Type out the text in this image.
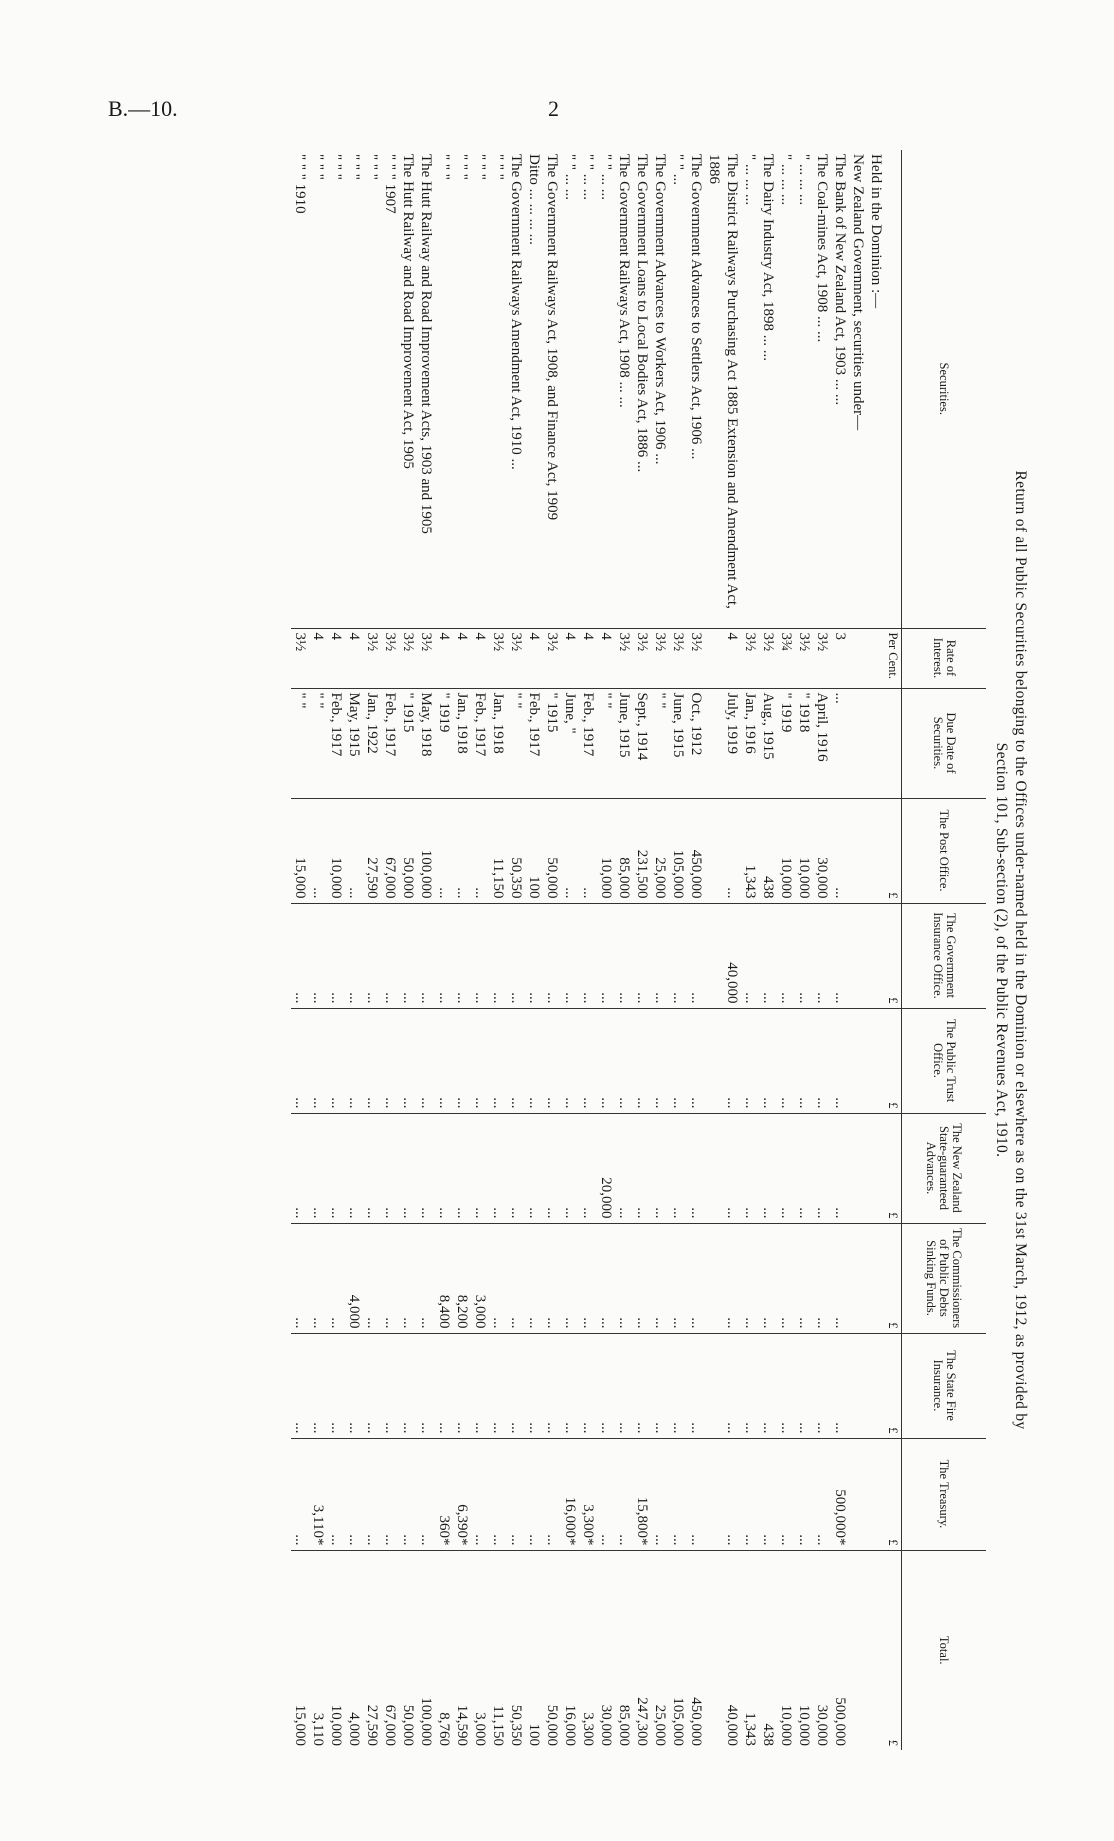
B.—10.	2
Return of all Public Securities belonging to the Offices under-named held in the Dominion or elsewhere as on the 31st March, 1912, as provided by
Section 101, Sub-section (2), of the Public Revenues Act, 1910.
Securities.	Rate of Interest.	Due Date of Securities.	The Post Office.	The Government Insurance Office.	The Public Trust Office.	The New Zealand State-guaranteed Advances.	The Commissioners of Public Debts Sinking Funds.	The State Fire Insurance.	The Treasury.	Total.
	Per Cent.		£	£	£	£	£	£	£	£
Held in the Dominion :—										
New Zealand Government, securities under—										
The Bank of New Zealand Act, 1903 ... ...	3	...	...	...	...	...	...	...	500,000*	500,000
The Coal-mines Act, 1908 ... ...	3½	April, 1916	30,000	...	...	...	...	...	...	30,000
" ... ... ...	3½	" 1918	10,000	...	...	...	...	...	...	10,000
" ... ... ...	3¾	" 1919	10,000	...	...	...	...	...	...	10,000
The Dairy Industry Act, 1898 ... ...	3½	Aug., 1915	438	...	...	...	...	...	...	438
" ... ... ...	3½	Jan., 1916	1,343	...	...	...	...	...	...	1,343
The District Railways Purchasing Act 1885 Extension and Amendment Act, 1886	4	July, 1919	...	40,000	...	...	...	...	...	40,000
The Government Advances to Settlers Act, 1906 ...	3½	Oct., 1912	450,000	...	...	...	...	...	...	450,000
" " ...	3½	June, 1915	105,000	...	...	...	...	...	...	105,000
The Government Advances to Workers Act, 1906 ...	3½	" "	25,000	...	...	...	...	...	...	25,000
The Government Loans to Local Bodies Act, 1886 ...	3½	Sept., 1914	231,500	...	...	...	...	...	15,800*	247,300
The Government Railways Act, 1908 ... ...	3½	June, 1915	85,000	...	...	...	...	...	...	85,000
" " ... ...	4	" "	10,000	...	...	20,000	...	...	...	30,000
" " ... ...	4	Feb., 1917	...	...	...	...	...	...	3,300*	3,300
" " ... ...	4	June, "	...	...	...	...	...	...	16,000*	16,000
The Government Railways Act, 1908, and Finance Act, 1909	3½	" 1915	50,000	...	...	...	...	...	...	50,000
Ditto ... ... ... ...	4	Feb., 1917	100	...	...	...	...	...	...	100
The Government Railways Amendment Act, 1910 ...	3½	" "	50,350	...	...	...	...	...	...	50,350
" " "	3½	Jan., 1918	11,150	...	...	...	...	...	...	11,150
" " "	4	Feb., 1917	...	...	...	...	3,000	...	...	3,000
" " "	4	Jan., 1918	...	...	...	...	8,200	...	6,390*	14,590
" " "	4	" 1919	...	...	...	...	8,400	...	360*	8,760
The Hutt Railway and Road Improvement Acts, 1903 and 1905	3½	May, 1918	100,000	...	...	...	...	...	...	100,000
The Hutt Railway and Road Improvement Act, 1905	3½	" 1915	50,000	...	...	...	...	...	...	50,000
" " " 1907	3½	Feb., 1917	67,000	...	...	...	...	...	...	67,000
" " "	3½	Jan., 1922	27,590	...	...	...	...	...	...	27,590
" " "	4	May, 1915	...	...	...	...	4,000	...	...	4,000
" " "	4	Feb., 1917	10,000	...	...	...	...	...	...	10,000
" " "	4	" "	...	...	...	...	...	...	3,110*	3,110
" " " 1910	3½	" "	15,000	...	...	...	...	...	...	15,000
